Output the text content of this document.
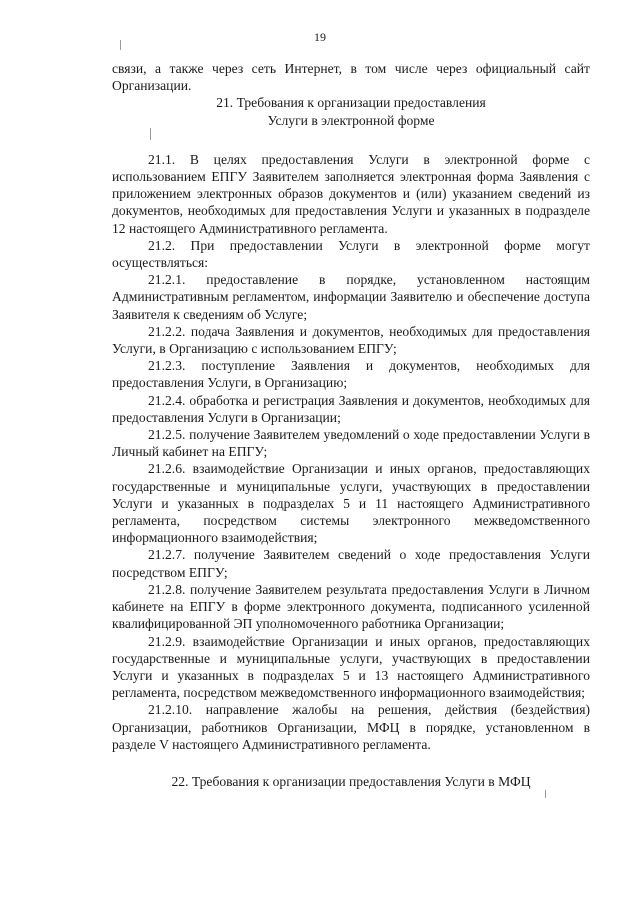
19

связи, а также через сеть Интернет, в том числе через официальный сайт Организации.

21. Требования к организации предоставления

Услуги в электронной форме

21.1. В целях предоставления Услуги в электронной форме с использованием ЕПГУ Заявителем заполняется электронная форма Заявления с приложением электронных образов документов и (или) указанием сведений из документов, необходимых для предоставления Услуги и указанных в подразделе 12 настоящего Административного регламента.

21.2. При предоставлении Услуги в электронной форме могут осуществляться:

21.2.1. предоставление в порядке, установленном настоящим Административным регламентом, информации Заявителю и обеспечение доступа Заявителя к сведениям об Услуге;

21.2.2. подача Заявления и документов, необходимых для предоставления Услуги, в Организацию с использованием ЕПГУ;

21.2.3. поступление Заявления и документов, необходимых для предоставления Услуги, в Организацию;

21.2.4. обработка и регистрация Заявления и документов, необходимых для предоставления Услуги в Организации;

21.2.5. получение Заявителем уведомлений о ходе предоставлении Услуги в Личный кабинет на ЕПГУ;

21.2.6. взаимодействие Организации и иных органов, предоставляющих государственные и муниципальные услуги, участвующих в предоставлении Услуги и указанных в подразделах 5 и 11 настоящего Административного регламента, посредством системы электронного межведомственного информационного взаимодействия;

21.2.7. получение Заявителем сведений о ходе предоставления Услуги посредством ЕПГУ;

21.2.8. получение Заявителем результата предоставления Услуги в Личном кабинете на ЕПГУ в форме электронного документа, подписанного усиленной квалифицированной ЭП уполномоченного работника Организации;

21.2.9. взаимодействие Организации и иных органов, предоставляющих государственные и муниципальные услуги, участвующих в предоставлении Услуги и указанных в подразделах 5 и 13 настоящего Административного регламента, посредством межведомственного информационного взаимодействия;

21.2.10. направление жалобы на решения, действия (бездействия) Организации, работников Организации, МФЦ в порядке, установленном в разделе V настоящего Административного регламента.

22. Требования к организации предоставления Услуги в МФЦ
